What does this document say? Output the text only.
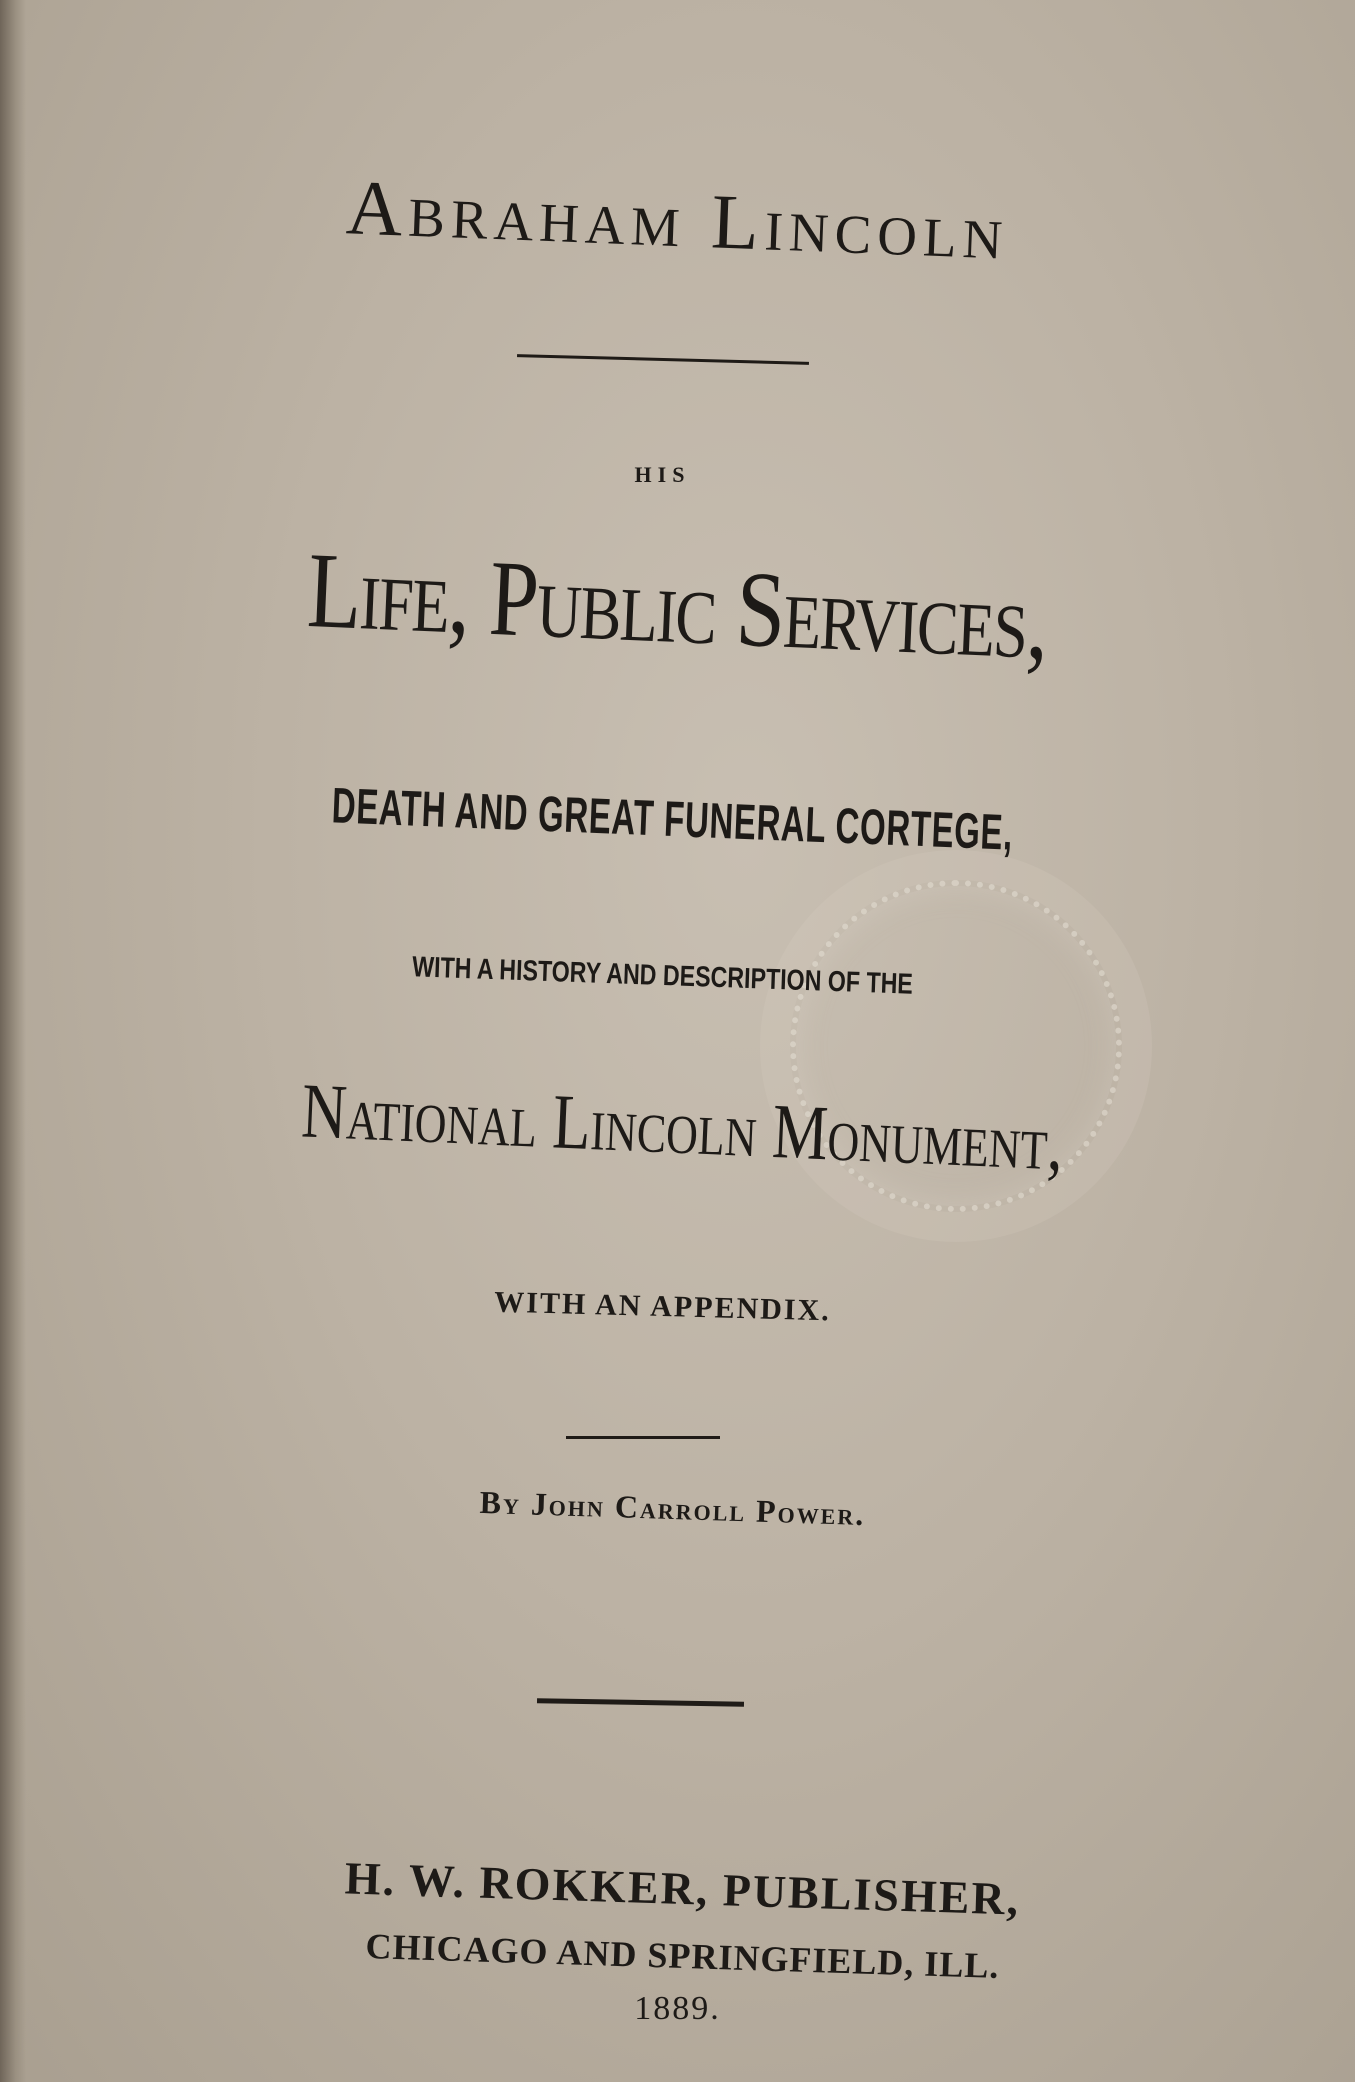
Abraham Lincoln
HIS
Life, Public Services,
DEATH AND GREAT FUNERAL CORTEGE,
WITH A HISTORY AND DESCRIPTION OF THE
National Lincoln Monument,
WITH AN APPENDIX.
By John Carroll Power.
H. W. ROKKER, PUBLISHER,
CHICAGO AND SPRINGFIELD, ILL.
1889.
